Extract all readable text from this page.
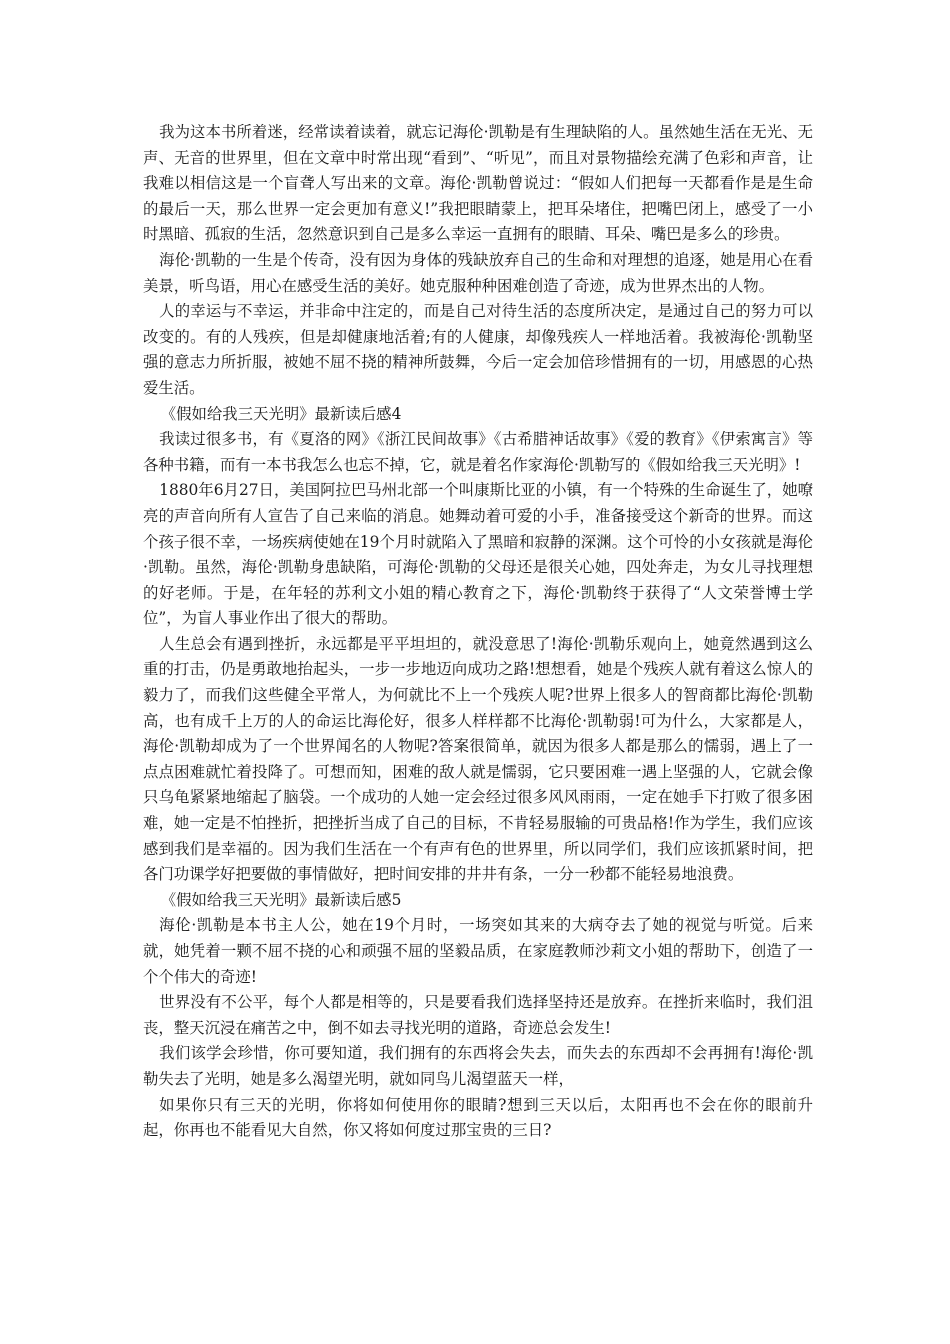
我为这本书所着迷，经常读着读着，就忘记海伦·凯勒是有生理缺陷的人。虽然她生活在无光、无声、无音的世界里，但在文章中时常出现“看到”、“听见”，而且对景物描绘充满了色彩和声音，让我难以相信这是一个盲聋人写出来的文章。海伦·凯勒曾说过：“假如人们把每一天都看作是是生命的最后一天，那么世界一定会更加有意义!”我把眼睛蒙上，把耳朵堵住，把嘴巴闭上，感受了一小时黑暗、孤寂的生活，忽然意识到自己是多么幸运一直拥有的眼睛、耳朵、嘴巴是多么的珍贵。

海伦·凯勒的一生是个传奇，没有因为身体的残缺放弃自己的生命和对理想的追逐，她是用心在看美景，听鸟语，用心在感受生活的美好。她克服种种困难创造了奇迹，成为世界杰出的人物。

人的幸运与不幸运，并非命中注定的，而是自己对待生活的态度所决定，是通过自己的努力可以改变的。有的人残疾，但是却健康地活着;有的人健康，却像残疾人一样地活着。我被海伦·凯勒坚强的意志力所折服，被她不屈不挠的精神所鼓舞，今后一定会加倍珍惜拥有的一切，用感恩的心热爱生活。

《假如给我三天光明》最新读后感4

我读过很多书，有《夏洛的网》《浙江民间故事》《古希腊神话故事》《爱的教育》《伊索寓言》等各种书籍，而有一本书我怎么也忘不掉，它，就是着名作家海伦·凯勒写的《假如给我三天光明》!

1880年6月27日，美国阿拉巴马州北部一个叫康斯比亚的小镇，有一个特殊的生命诞生了，她嘹亮的声音向所有人宣告了自己来临的消息。她舞动着可爱的小手，准备接受这个新奇的世界。而这个孩子很不幸，一场疾病使她在19个月时就陷入了黑暗和寂静的深渊。这个可怜的小女孩就是海伦·凯勒。虽然，海伦·凯勒身患缺陷，可海伦·凯勒的父母还是很关心她，四处奔走，为女儿寻找理想的好老师。于是，在年轻的苏利文小姐的精心教育之下，海伦·凯勒终于获得了“人文荣誉博士学位”，为盲人事业作出了很大的帮助。

人生总会有遇到挫折，永远都是平平坦坦的，就没意思了!海伦·凯勒乐观向上，她竟然遇到这么重的打击，仍是勇敢地抬起头，一步一步地迈向成功之路!想想看，她是个残疾人就有着这么惊人的毅力了，而我们这些健全平常人，为何就比不上一个残疾人呢?世界上很多人的智商都比海伦·凯勒高，也有成千上万的人的命运比海伦好，很多人样样都不比海伦·凯勒弱!可为什么，大家都是人，海伦·凯勒却成为了一个世界闻名的人物呢?答案很简单，就因为很多人都是那么的懦弱，遇上了一点点困难就忙着投降了。可想而知，困难的敌人就是懦弱，它只要困难一遇上坚强的人，它就会像只乌龟紧紧地缩起了脑袋。一个成功的人她一定会经过很多风风雨雨，一定在她手下打败了很多困难，她一定是不怕挫折，把挫折当成了自己的目标，不肯轻易服输的可贵品格!作为学生，我们应该感到我们是幸福的。因为我们生活在一个有声有色的世界里，所以同学们，我们应该抓紧时间，把各门功课学好把要做的事情做好，把时间安排的井井有条，一分一秒都不能轻易地浪费。

《假如给我三天光明》最新读后感5

海伦·凯勒是本书主人公，她在19个月时，一场突如其来的大病夺去了她的视觉与听觉。后来就，她凭着一颗不屈不挠的心和顽强不屈的坚毅品质，在家庭教师沙莉文小姐的帮助下，创造了一个个伟大的奇迹!

世界没有不公平，每个人都是相等的，只是要看我们选择坚持还是放弃。在挫折来临时，我们沮丧，整天沉浸在痛苦之中，倒不如去寻找光明的道路，奇迹总会发生!

我们该学会珍惜，你可要知道，我们拥有的东西将会失去，而失去的东西却不会再拥有!海伦·凯勒失去了光明，她是多么渴望光明，就如同鸟儿渴望蓝天一样，

如果你只有三天的光明，你将如何使用你的眼睛?想到三天以后，太阳再也不会在你的眼前升起，你再也不能看见大自然，你又将如何度过那宝贵的三日?
